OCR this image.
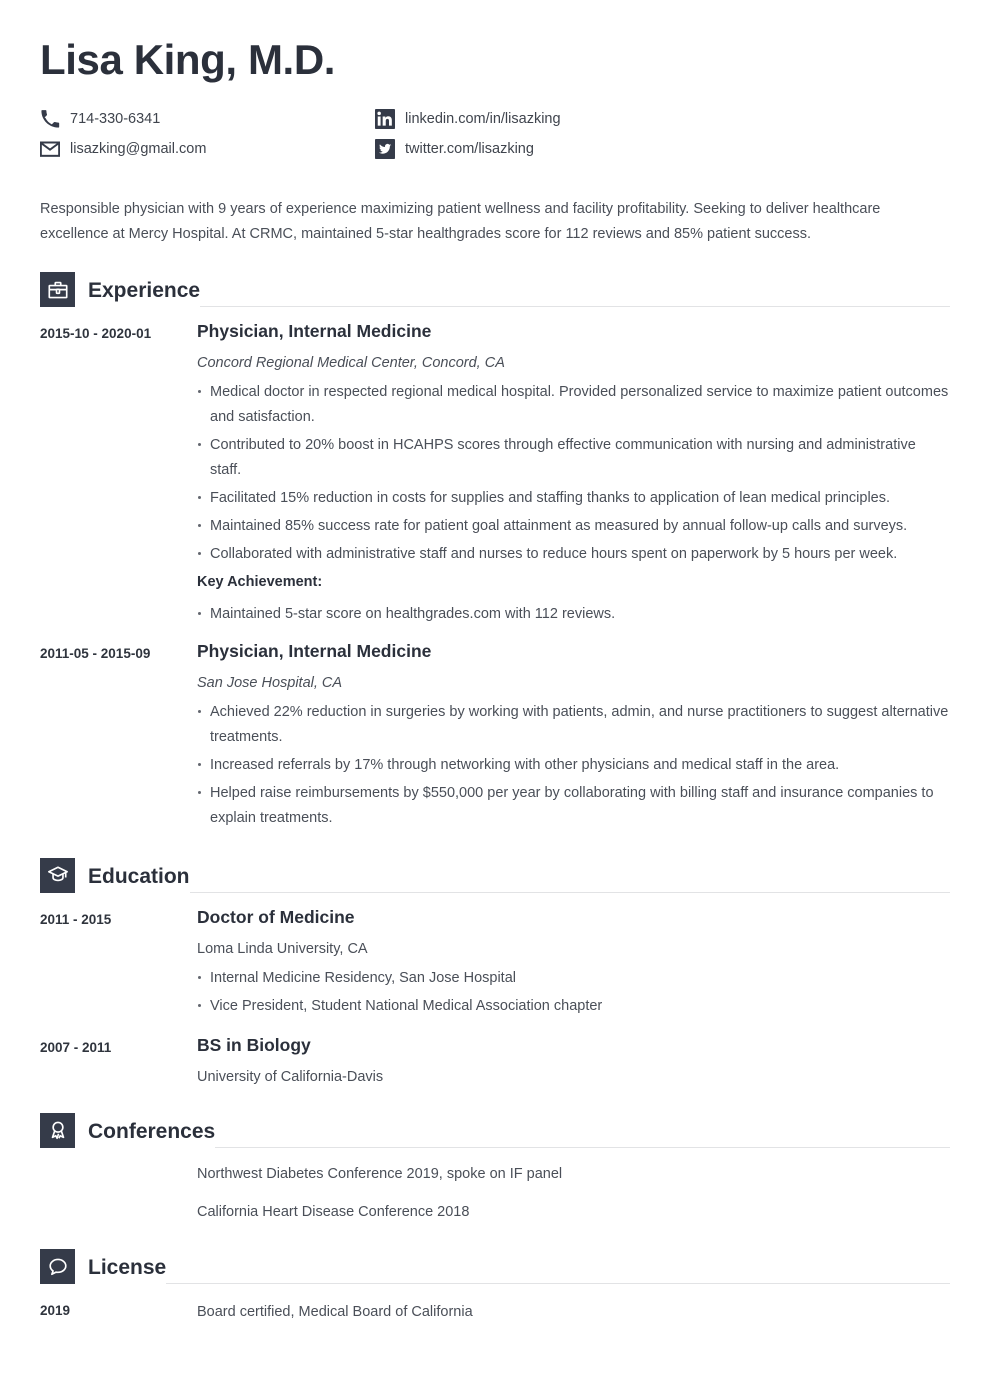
Lisa King, M.D.
714-330-6341	linkedin.com/in/lisazking
lisazking@gmail.com	twitter.com/lisazking

Responsible physician with 9 years of experience maximizing patient wellness and facility profitability. Seeking to deliver healthcare excellence at Mercy Hospital. At CRMC, maintained 5-star healthgrades score for 112 reviews and 85% patient success.

Experience
2015-10 - 2020-01	Physician, Internal Medicine
Concord Regional Medical Center, Concord, CA
Medical doctor in respected regional medical hospital. Provided personalized service to maximize patient outcomes and satisfaction.
Contributed to 20% boost in HCAHPS scores through effective communication with nursing and administrative staff.
Facilitated 15% reduction in costs for supplies and staffing thanks to application of lean medical principles.
Maintained 85% success rate for patient goal attainment as measured by annual follow-up calls and surveys.
Collaborated with administrative staff and nurses to reduce hours spent on paperwork by 5 hours per week.
Key Achievement:
Maintained 5-star score on healthgrades.com with 112 reviews.
2011-05 - 2015-09	Physician, Internal Medicine
San Jose Hospital, CA
Achieved 22% reduction in surgeries by working with patients, admin, and nurse practitioners to suggest alternative treatments.
Increased referrals by 17% through networking with other physicians and medical staff in the area.
Helped raise reimbursements by $550,000 per year by collaborating with billing staff and insurance companies to explain treatments.
Education
2011 - 2015	Doctor of Medicine
Loma Linda University, CA
Internal Medicine Residency, San Jose Hospital
Vice President, Student National Medical Association chapter
2007 - 2011	BS in Biology
University of California-Davis
Conferences
Northwest Diabetes Conference 2019, spoke on IF panel
California Heart Disease Conference 2018
License
2019	Board certified, Medical Board of California
